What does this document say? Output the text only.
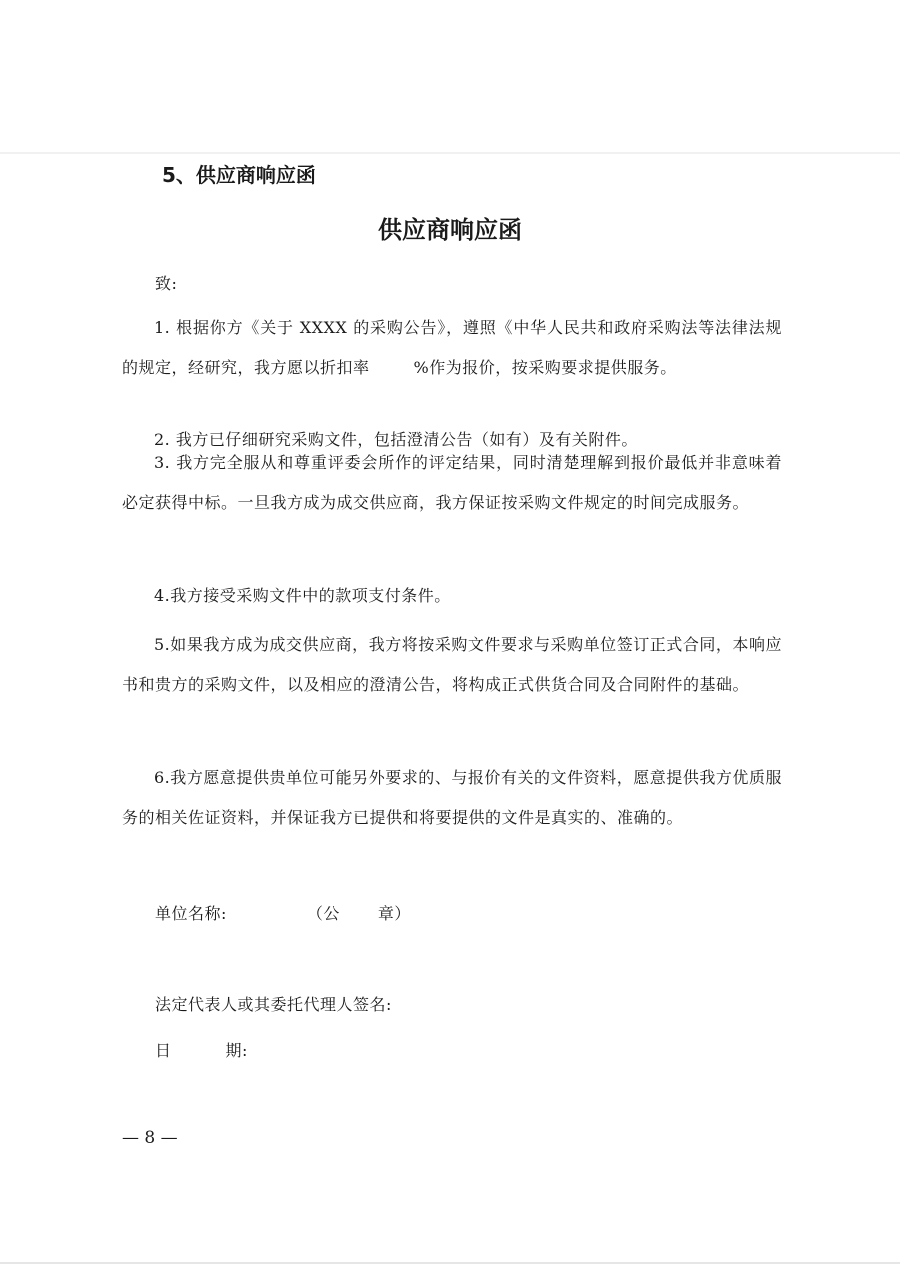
5、供应商响应函
供应商响应函
致:
1. 根据你方《关于 XXXX 的采购公告》，遵照《中华人民共和政府采购法等法律法规的规定，经研究，我方愿以折扣率	%作为报价，按采购要求提供服务。
2. 我方已仔细研究采购文件，包括澄清公告（如有）及有关附件。
3. 我方完全服从和尊重评委会所作的评定结果，同时清楚理解到报价最低并非意味着必定获得中标。一旦我方成为成交供应商，我方保证按采购文件规定的时间完成服务。
4.我方接受采购文件中的款项支付条件。
5.如果我方成为成交供应商，我方将按采购文件要求与采购单位签订正式合同，本响应书和贵方的采购文件，以及相应的澄清公告，将构成正式供货合同及合同附件的基础。
6.我方愿意提供贵单位可能另外要求的、与报价有关的文件资料，愿意提供我方优质服务的相关佐证资料，并保证我方已提供和将要提供的文件是真实的、准确的。
单位名称:	（公 章）
法定代表人或其委托代理人签名:
日	期:
— 8 —
